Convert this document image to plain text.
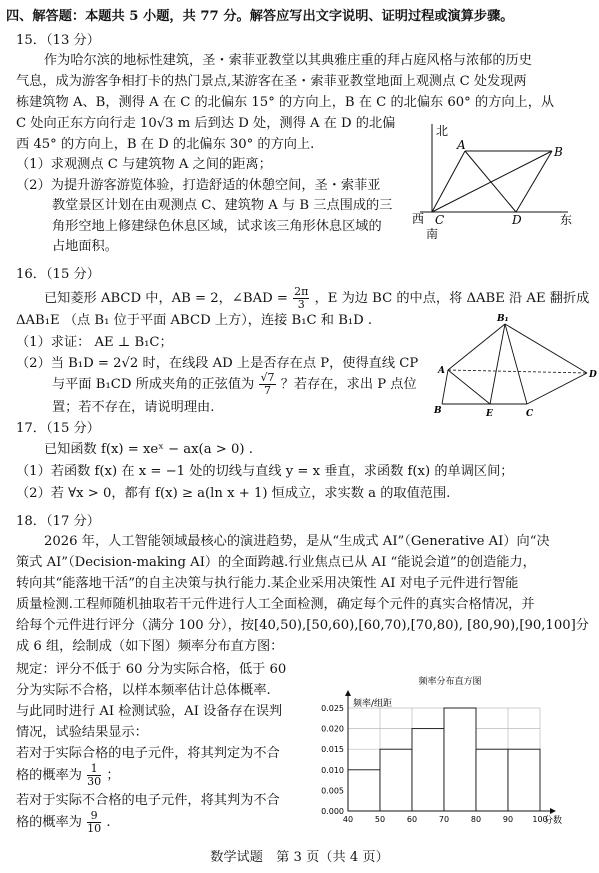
四、解答题：本题共 5 小题，共 77 分。解答应写出文字说明、证明过程或演算步骤。
15．（13 分）
作为哈尔滨的地标性建筑，圣・索菲亚教堂以其典雅庄重的拜占庭风格与浓郁的历史
气息，成为游客争相打卡的热门景点,某游客在圣・索菲亚教堂地面上观测点 C 处发现两
栋建筑物 A、B，测得 A 在 C 的北偏东 15° 的方向上，B 在 C 的北偏东 60° 的方向上，从
C 处向正东方向行走 10√3 m 后到达 D 处，测得 A 在 D 的北偏
西 45° 的方向上，B 在 D 的北偏东 30° 的方向上.
（1）求观测点 C 与建筑物 A 之间的距离；
（2）为提升游客游览体验，打造舒适的休憩空间，圣・索菲亚
教堂景区计划在由观测点 C、建筑物 A 与 B 三点围成的三
角形空地上修建绿色休息区域，试求该三角形休息区域的
占地面积。
北
西	东
南
A	B
C	D
16．（15 分）
已知菱形 ABCD 中，AB = 2，∠BAD = $\frac{2\pi}{3}$ ，E 为边 BC 的中点，将 ΔABE 沿 AE 翻折成
ΔAB₁E （点 B₁ 位于平面 ABCD 上方），连接 B₁C 和 B₁D .
（1）求证： AE ⊥ B₁C；
（2）当 B₁D = 2√2 时，在线段 AD 上是否存在点 P，使得直线 CP
与平面 B₁CD 所成夹角的正弦值为 $\frac{√7}{7}$ ？若存在，求出 P 点位
置；若不存在，请说明理由.
B₁
A
B	E	C
D
17．（15 分）
已知函数 f(x) = xeˣ − ax(a > 0) .
（1）若函数 f(x) 在 x = −1 处的切线与直线 y = x 垂直，求函数 f(x) 的单调区间；
（2）若 ∀x > 0，都有 f(x) ≥ a(ln x + 1) 恒成立，求实数 a 的取值范围.
18．（17 分）
2026 年，人工智能领域最核心的演进趋势，是从“生成式 AI”（Generative AI）向“决
策式 AI”（Decision-making AI）的全面跨越.行业焦点已从 AI “能说会道”的创造能力，
转向其“能落地干活”的自主决策与执行能力.某企业采用决策性 AI 对电子元件进行智能
质量检测.工程师随机抽取若干元件进行人工全面检测，确定每个元件的真实合格情况，并
给每个元件进行评分（满分 100 分），按[40,50),[50,60),[60,70),[70,80), [80,90),[90,100]分
成 6 组，绘制成（如下图）频率分布直方图：
规定：评分不低于 60 分为实际合格，低于 60
分为实际不合格，以样本频率估计总体概率.
与此同时进行 AI 检测试验，AI 设备存在误判
情况，试验结果显示：
若对于实际合格的电子元件，将其判定为不合
格的概率为 $\frac{1}{30}$ ；
若对于实际不合格的电子元件，将其判为不合
格的概率为 $\frac{9}{10}$ .
频率分布直方图
0.000
0.005
0.010
0.015
0.020
0.025
40	50	60	70	80	90 100
频率/组距
分数
数学试题　第 3 页（共 4 页）
